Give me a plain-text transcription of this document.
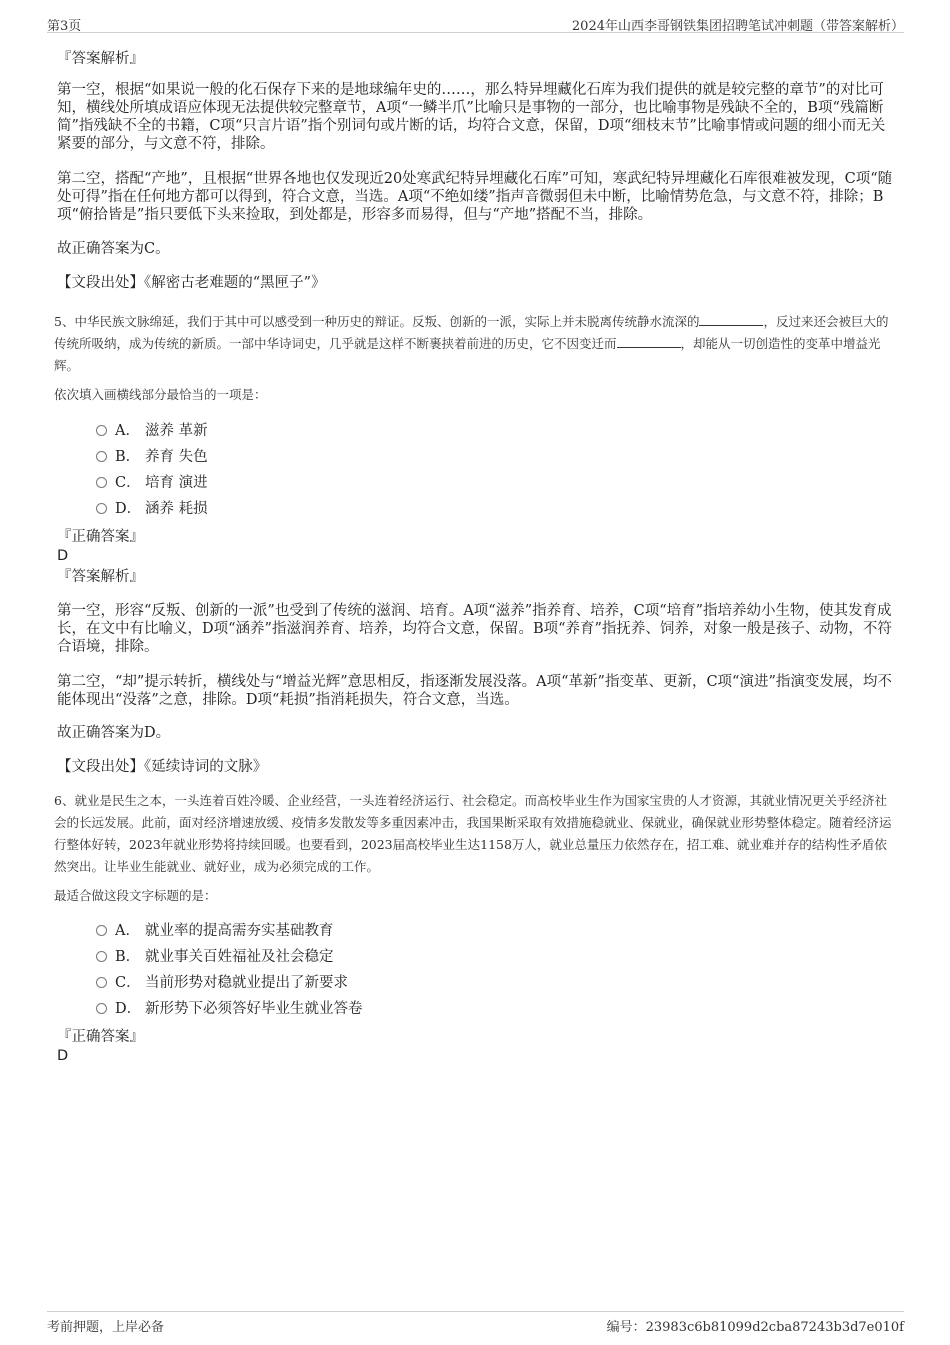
第3页	2024年山西李哥钢铁集团招聘笔试冲刺题（带答案解析）
『答案解析』
第一空，根据“如果说一般的化石保存下来的是地球编年史的……，那么特异埋藏化石库为我们提供的就是较完整的章节”的对比可知，横线处所填成语应体现无法提供较完整章节，A项“一鳞半爪”比喻只是事物的一部分，也比喻事物是残缺不全的，B项“残篇断简”指残缺不全的书籍，C项“只言片语”指个别词句或片断的话，均符合文意，保留，D项“细枝末节”比喻事情或问题的细小而无关紧要的部分，与文意不符，排除。
第二空，搭配“产地”，且根据“世界各地也仅发现近20处寒武纪特异埋藏化石库”可知，寒武纪特异埋藏化石库很难被发现，C项“随处可得”指在任何地方都可以得到，符合文意，当选。A项“不绝如缕”指声音微弱但未中断，比喻情势危急，与文意不符，排除；B项“俯拾皆是”指只要低下头来捡取，到处都是，形容多而易得，但与“产地”搭配不当，排除。
故正确答案为C。
【文段出处】《解密古老难题的“黑匣子”》
5、中华民族文脉绵延，我们于其中可以感受到一种历史的辩证。反叛、创新的一派，实际上并未脱离传统静水流深的	，反过来还会被巨大的传统所吸纳，成为传统的新质。一部中华诗词史，几乎就是这样不断裹挟着前进的历史，它不因变迁而	，却能从一切创造性的变革中增益光辉。
依次填入画横线部分最恰当的一项是：
A． 滋养 革新
B． 养育 失色
C． 培育 演进
D． 涵养 耗损
『正确答案』
D
『答案解析』
第一空，形容“反叛、创新的一派”也受到了传统的滋润、培育。A项“滋养”指养育、培养，C项“培育”指培养幼小生物，使其发育成长，在文中有比喻义，D项“涵养”指滋润养育、培养，均符合文意，保留。B项“养育”指抚养、饲养，对象一般是孩子、动物，不符合语境，排除。
第二空，“却”提示转折，横线处与“增益光辉”意思相反，指逐渐发展没落。A项“革新”指变革、更新，C项“演进”指演变发展，均不能体现出“没落”之意，排除。D项“耗损”指消耗损失，符合文意，当选。
故正确答案为D。
【文段出处】《延续诗词的文脉》
6、就业是民生之本，一头连着百姓冷暖、企业经营，一头连着经济运行、社会稳定。而高校毕业生作为国家宝贵的人才资源，其就业情况更关乎经济社会的长远发展。此前，面对经济增速放缓、疫情多发散发等多重因素冲击，我国果断采取有效措施稳就业、保就业，确保就业形势整体稳定。随着经济运行整体好转，2023年就业形势将持续回暖。也要看到，2023届高校毕业生达1158万人，就业总量压力依然存在，招工难、就业难并存的结构性矛盾依然突出。让毕业生能就业、就好业，成为必须完成的工作。
最适合做这段文字标题的是：
A． 就业率的提高需夯实基础教育
B． 就业事关百姓福祉及社会稳定
C． 当前形势对稳就业提出了新要求
D． 新形势下必须答好毕业生就业答卷
『正确答案』
D
考前押题，上岸必备	编号：23983c6b81099d2cba87243b3d7e010f
